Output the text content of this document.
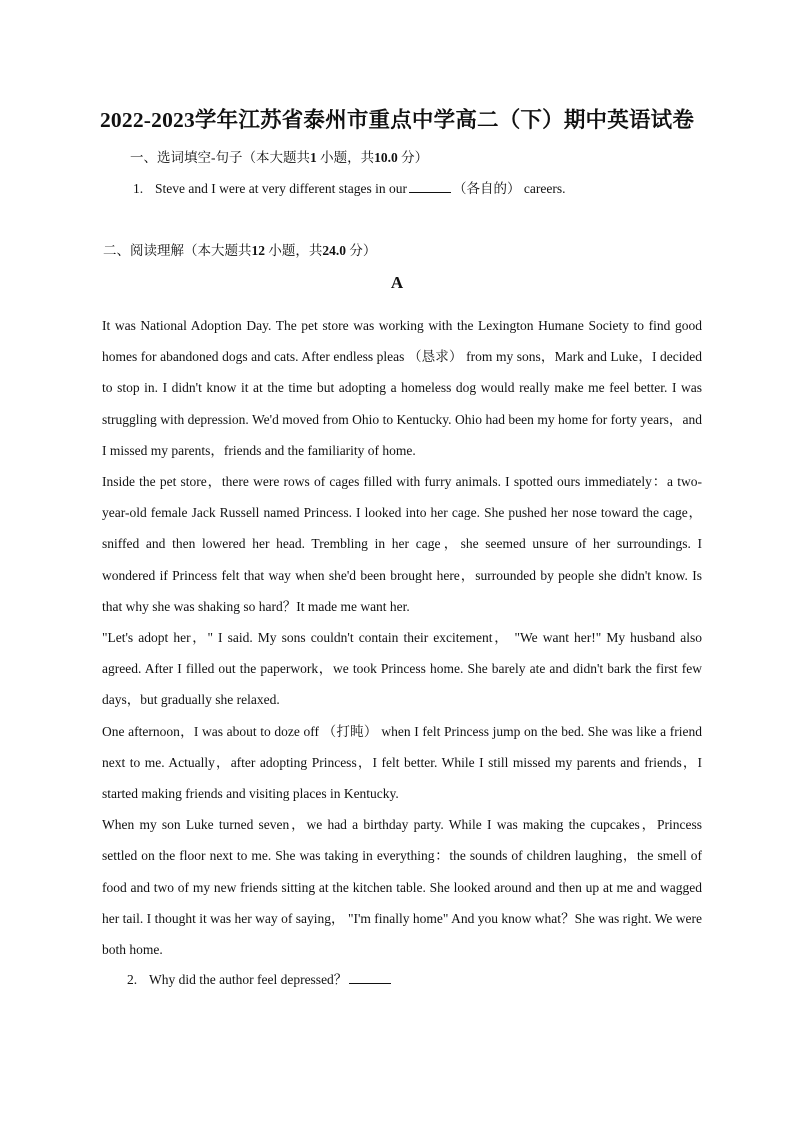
2022-2023学年江苏省泰州市重点中学高二（下）期中英语试卷
一、选词填空-句子（本大题共1 小题，共10.0 分）
1. Steve and I were at very different stages in our	（各自的） careers.
二、阅读理解（本大题共12 小题，共24.0 分）
A

It was National Adoption Day. The pet store was working with the Lexington Humane Society to find good homes for abandoned dogs and cats. After endless pleas （恳求） from my sons，Mark and Luke，I decided to stop in. I didn't know it at the time but adopting a homeless dog would really make me feel better. I was struggling with depression. We'd moved from Ohio to Kentucky. Ohio had been my home for forty years，and I missed my parents，friends and the familiarity of home.

Inside the pet store，there were rows of cages filled with furry animals. I spotted ours immediately：a two-year-old female Jack Russell named Princess. I looked into her cage. She pushed her nose toward the cage，sniffed and then lowered her head. Trembling in her cage，she seemed unsure of her surroundings. I wondered if Princess felt that way when she'd been brought here，surrounded by people she didn't know. Is that why she was shaking so hard？It made me want her.

"Let's adopt her，" I said. My sons couldn't contain their excitement， "We want her!" My husband also agreed. After I filled out the paperwork，we took Princess home. She barely ate and didn't bark the first few days，but gradually she relaxed.

One afternoon，I was about to doze off （打盹） when I felt Princess jump on the bed. She was like a friend next to me. Actually，after adopting Princess，I felt better. While I still missed my parents and friends，I started making friends and visiting places in Kentucky.

When my son Luke turned seven，we had a birthday party. While I was making the cupcakes，Princess settled on the floor next to me. She was taking in everything：the sounds of children laughing，the smell of food and two of my new friends sitting at the kitchen table. She looked around and then up at me and wagged her tail. I thought it was her way of saying， "I'm finally home" And you know what？She was right. We were both home.

2. Why did the author feel depressed？
